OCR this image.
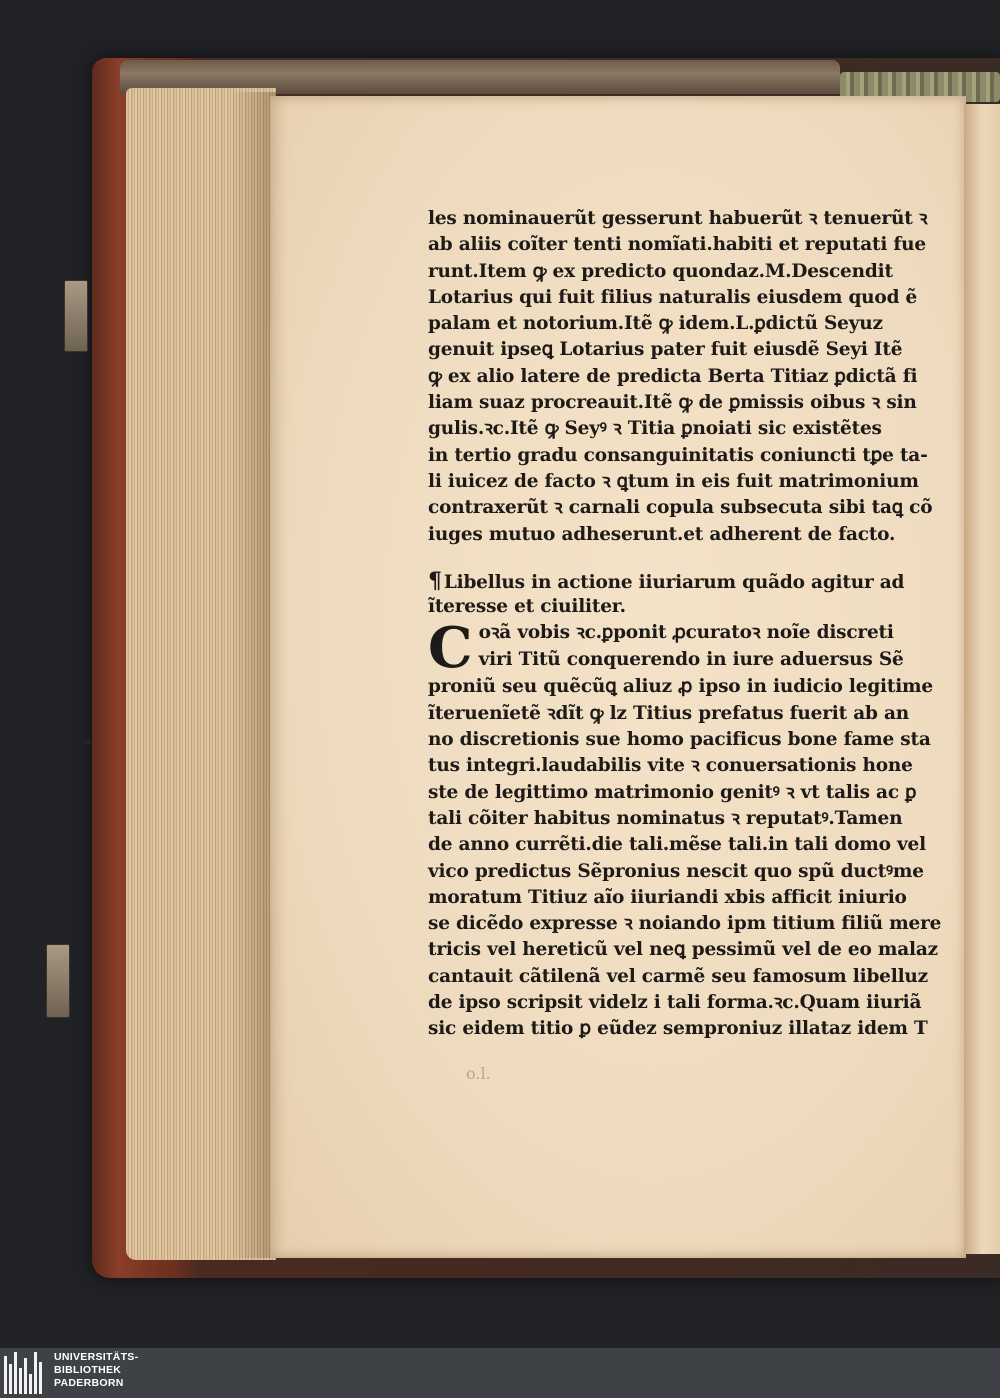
les nominauerũt gesserunt habuerũt ꝛ tenuerũt ꝛ
ab aliis coĩter tenti nomĩati.habiti et reputati fue
runt.Item ꝙ ex predicto quondaz.M.Descendit
Lotarius qui fuit filius naturalis eiusdem quod ẽ
palam et notorium.Itẽ ꝙ idem.L.ꝑdictũ Seyuz
genuit ipseꝗ Lotarius pater fuit eiusdẽ Seyi Itẽ
ꝙ ex alio latere de predicta Berta Titiaz ꝑdictã fi
liam suaz procreauit.Itẽ ꝙ de ꝑmissis oibus ꝛ sin
gulis.ꝛc.Itẽ ꝙ Seyꝰ ꝛ Titia ꝑnoiati sic existẽtes
in tertio gradu consanguinitatis coniuncti tꝑe ta-
li iuicez de facto ꝛ ꝗtum in eis fuit matrimonium
contraxerũt ꝛ carnali copula subsecuta sibi taꝗ cõ
iuges mutuo adheserunt.et adherent de facto.
¶ Libellus in actione iiuriarum quãdo agitur ad
ĩteresse et ciuiliter.
C oꝛã vobis ꝛc.ꝑponit ꝓcuratoꝛ noĩe discreti
viri Titũ conquerendo in iure aduersus Sẽ
proniũ seu quẽcũꝗ aliuz ꝓ ipso in iudicio legitime
ĩteruenĩetẽ ꝛdĩt ꝙ lz Titius prefatus fuerit ab an
no discretionis sue homo pacificus bone fame sta
tus integri.laudabilis vite ꝛ conuersationis hone
ste de legittimo matrimonio genitꝰ ꝛ vt talis ac ꝑ
tali cõiter habitus nominatus ꝛ reputatꝰ.Tamen
de anno currẽti.die tali.mẽse tali.in tali domo vel
vico predictus Sẽpronius nescit quo spũ ductꝰme
moratum Titiuz aĩo iiuriandi xbis afficit iniurio
se dicẽdo expresse ꝛ noiando ipm titium filiũ mere
tricis vel hereticũ vel neꝗ pessimũ vel de eo malaz
cantauit cãtilenã vel carmẽ seu famosum libelluz
de ipso scripsit videlz i tali forma.ꝛc.Quam iiuriã
sic eidem titio ꝑ eũdez semproniuz illataz idem T
o.l.
UNIVERSITÄTS-
BIBLIOTHEK
PADERBORN
